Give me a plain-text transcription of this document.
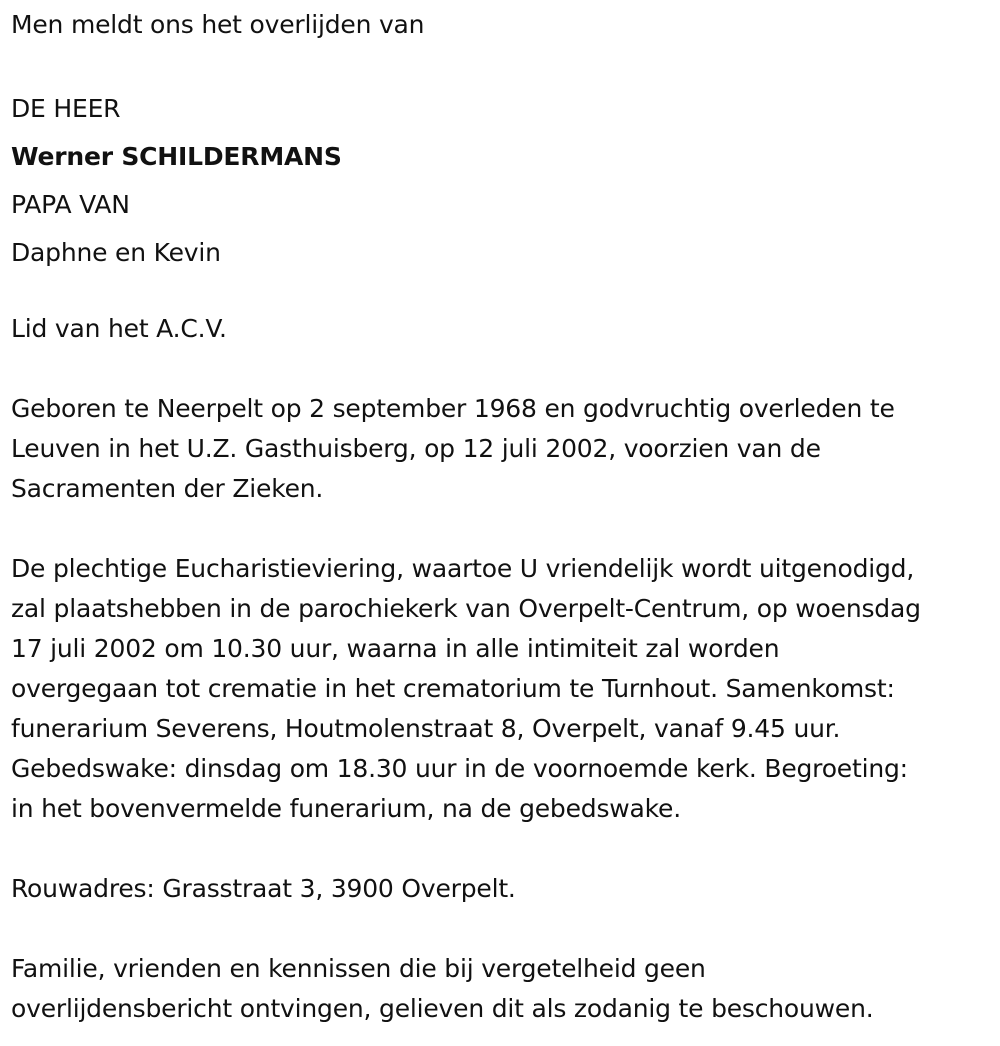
Men meldt ons het overlijden van

DE HEER

Werner SCHILDERMANS

PAPA VAN

Daphne en Kevin

Lid van het A.C.V.

Geboren te Neerpelt op 2 september 1968 en godvruchtig overleden te

Leuven in het U.Z. Gasthuisberg, op 12 juli 2002, voorzien van de

Sacramenten der Zieken.

De plechtige Eucharistieviering, waartoe U vriendelijk wordt uitgenodigd,

zal plaatshebben in de parochiekerk van Overpelt-Centrum, op woensdag

17 juli 2002 om 10.30 uur, waarna in alle intimiteit zal worden

overgegaan tot crematie in het crematorium te Turnhout. Samenkomst:

funerarium Severens, Houtmolenstraat 8, Overpelt, vanaf 9.45 uur.

Gebedswake: dinsdag om 18.30 uur in de voornoemde kerk. Begroeting:

in het bovenvermelde funerarium, na de gebedswake.

Rouwadres: Grasstraat 3, 3900 Overpelt.

Familie, vrienden en kennissen die bij vergetelheid geen

overlijdensbericht ontvingen, gelieven dit als zodanig te beschouwen.
